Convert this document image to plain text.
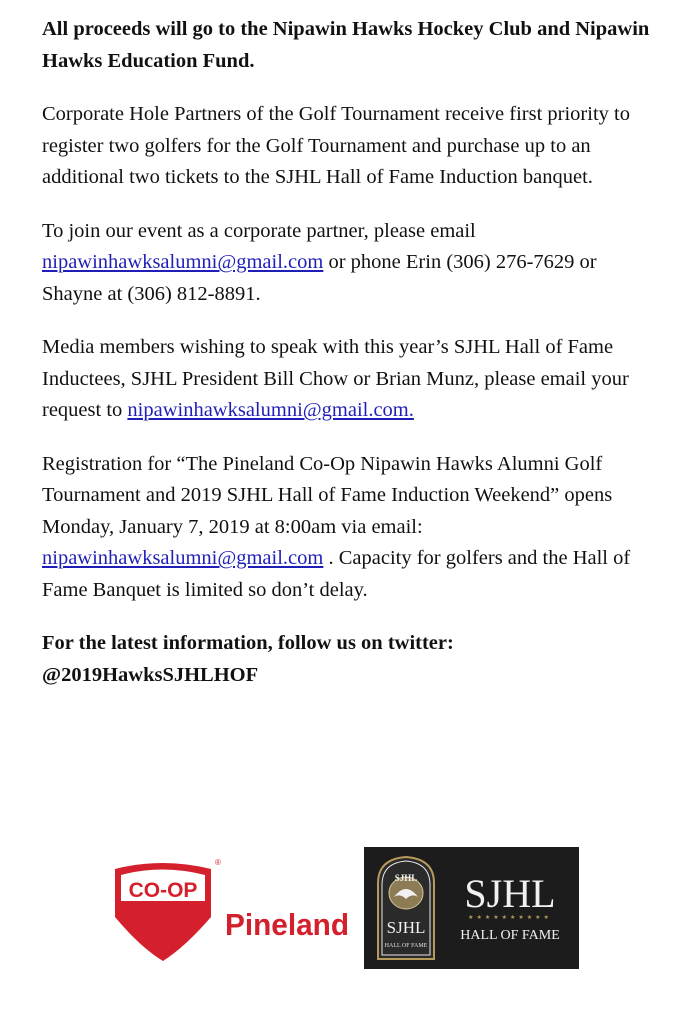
All proceeds will go to the Nipawin Hawks Hockey Club and Nipawin Hawks Education Fund.

Corporate Hole Partners of the Golf Tournament receive first priority to register two golfers for the Golf Tournament and purchase up to an additional two tickets to the SJHL Hall of Fame Induction banquet.

To join our event as a corporate partner, please email nipawinhawksalumni@gmail.com or phone Erin (306) 276-7629 or Shayne at (306) 812-8891.

Media members wishing to speak with this year’s SJHL Hall of Fame Inductees, SJHL President Bill Chow or Brian Munz, please email your request to nipawinhawksalumni@gmail.com.

Registration for “The Pineland Co-Op Nipawin Hawks Alumni Golf Tournament and 2019 SJHL Hall of Fame Induction Weekend” opens Monday, January 7, 2019 at 8:00am via email: nipawinhawksalumni@gmail.com . Capacity for golfers and the Hall of Fame Banquet is limited so don’t delay.

For the latest information, follow us on twitter:
@2019HawksSJHLHOF

CO-OP
®
Pineland
SJHL
SJHL
HALL OF FAME
SJHL
★★★★★★★★★★
HALL OF FAME
